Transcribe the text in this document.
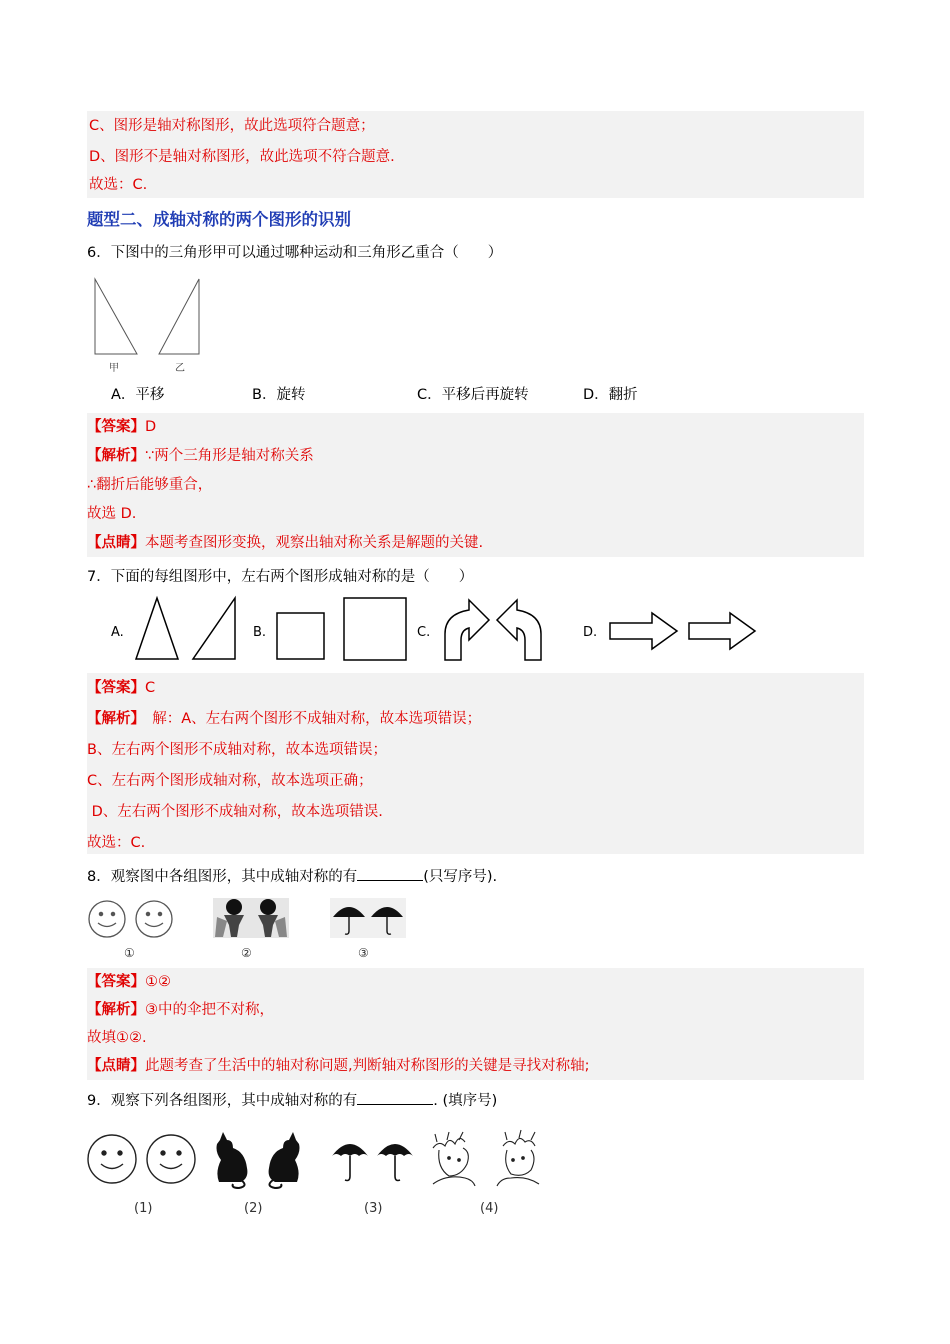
C、图形是轴对称图形，故此选项符合题意；
D、图形不是轴对称图形，故此选项不符合题意.
故选：C.
题型二、成轴对称的两个图形的识别
6．下图中的三角形甲可以通过哪种运动和三角形乙重合（　　）
甲	乙
A．平移	B．旋转	C．平移后再旋转	D．翻折
【答案】D
【解析】∵两个三角形是轴对称关系
∴翻折后能够重合，
故选 D.
【点睛】本题考查图形变换，观察出轴对称关系是解题的关键.
7．下面的每组图形中，左右两个图形成轴对称的是（　　）
A.	B.	C.	D.
【答案】C
【解析】　解：A、左右两个图形不成轴对称，故本选项错误；
B、左右两个图形不成轴对称，故本选项错误；
C、左右两个图形成轴对称，故本选项正确；
D、左右两个图形不成轴对称，故本选项错误.
故选：C.
8．观察图中各组图形，其中成轴对称的有	(只写序号).
①	②	③
【答案】①②
【解析】③中的伞把不对称，
故填①②.
【点睛】此题考查了生活中的轴对称问题,判断轴对称图形的关键是寻找对称轴;
9．观察下列各组图形，其中成轴对称的有	. (填序号)
(1)	(2)	(3)	(4)
